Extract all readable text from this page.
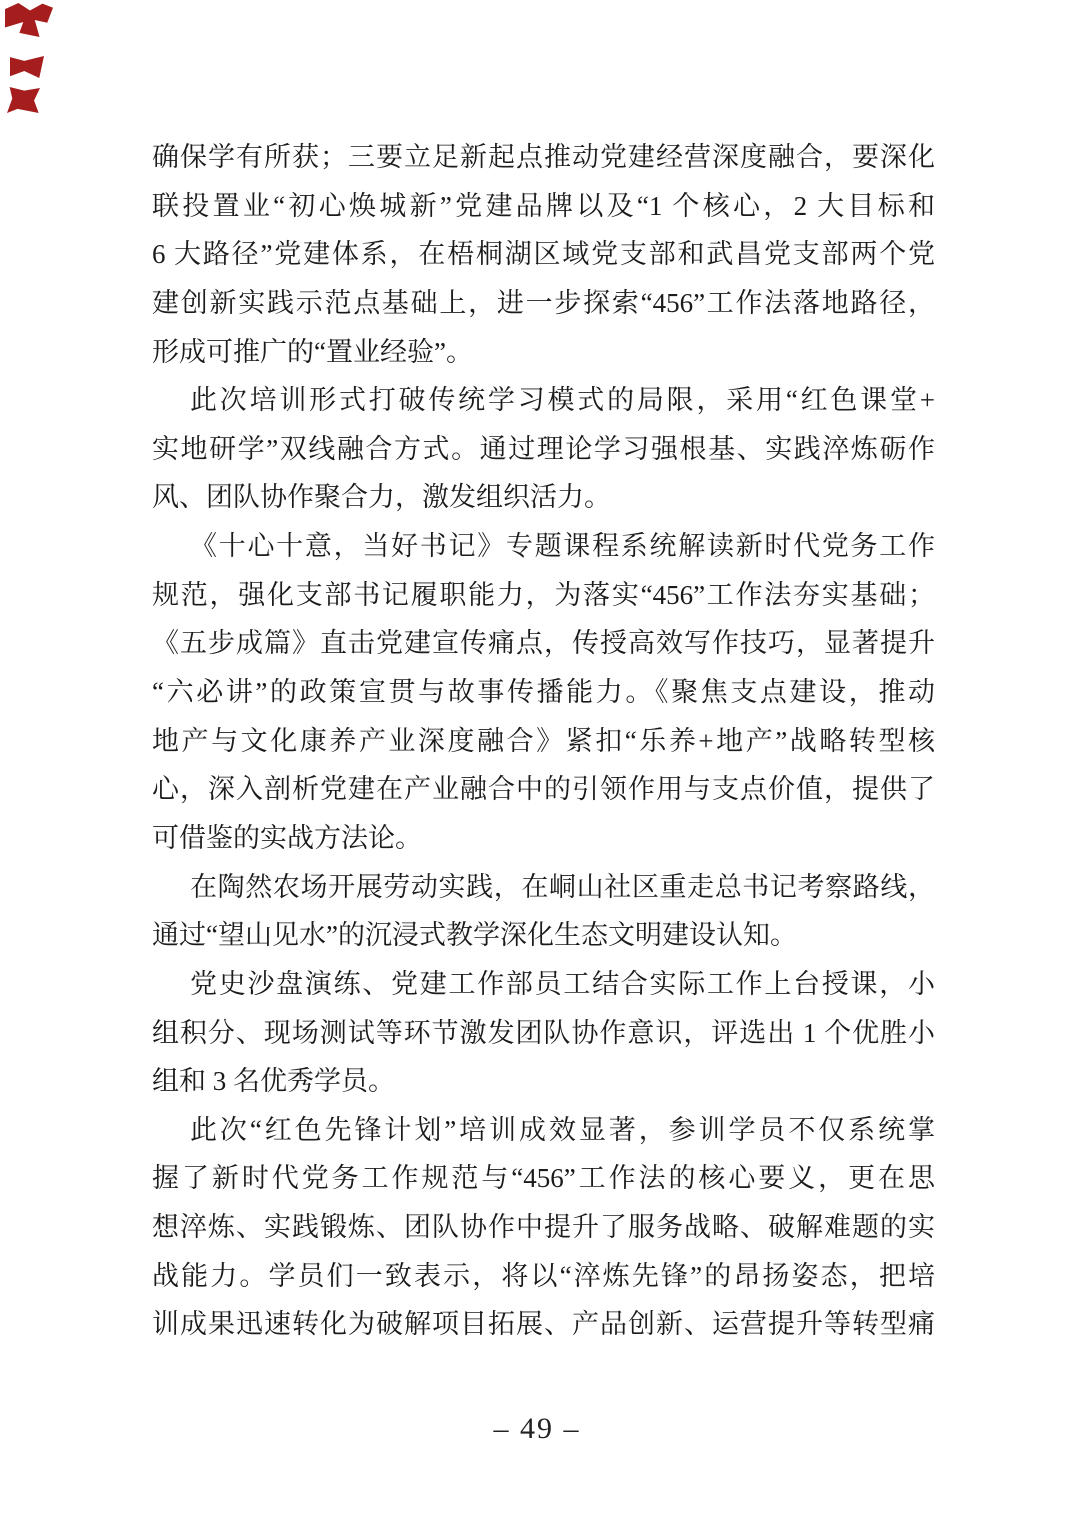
确保学有所获；三要立足新起点推动党建经营深度融合，要深化
联投置业“初心焕城新”党建品牌以及“1 个核心，2 大目标和
6 大路径”党建体系，在梧桐湖区域党支部和武昌党支部两个党
建创新实践示范点基础上，进一步探索“456”工作法落地路径，
形成可推广的“置业经验”。
此次培训形式打破传统学习模式的局限，采用“红色课堂+
实地研学”双线融合方式。通过理论学习强根基、实践淬炼砺作
风、团队协作聚合力，激发组织活力。
《十心十意，当好书记》专题课程系统解读新时代党务工作
规范，强化支部书记履职能力，为落实“456”工作法夯实基础；
《五步成篇》直击党建宣传痛点，传授高效写作技巧，显著提升
“六必讲”的政策宣贯与故事传播能力。《聚焦支点建设，推动
地产与文化康养产业深度融合》紧扣“乐养+地产”战略转型核
心，深入剖析党建在产业融合中的引领作用与支点价值，提供了
可借鉴的实战方法论。
在陶然农场开展劳动实践，在峒山社区重走总书记考察路线，
通过“望山见水”的沉浸式教学深化生态文明建设认知。
党史沙盘演练、党建工作部员工结合实际工作上台授课，小
组积分、现场测试等环节激发团队协作意识，评选出 1 个优胜小
组和 3 名优秀学员。
此次“红色先锋计划”培训成效显著，参训学员不仅系统掌
握了新时代党务工作规范与“456”工作法的核心要义，更在思
想淬炼、实践锻炼、团队协作中提升了服务战略、破解难题的实
战能力。学员们一致表示，将以“淬炼先锋”的昂扬姿态，把培
训成果迅速转化为破解项目拓展、产品创新、运营提升等转型痛
– 49 –
